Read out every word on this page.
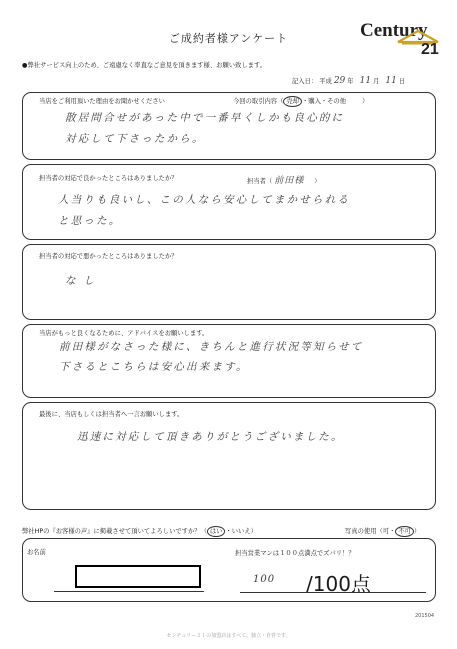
ご成約者様アンケート	Century
21
●弊社サービス向上のため、ご遠慮なく率直なご意見を頂きます様、お願い致します。
記入日： 平成 29 年 11 月 11 日
当店をご利用頂いた理由をお聞かせください	今回の取引内容（ 売却 ・購入・その他	）
散居問合せがあった中で一番早くしかも良心的に
対応して下さったから。
担当者の対応で良かったところはありましたか？	担当者（ 前田様 ）
人当りも良いし、この人なら安心してまかせられる
と思った。
担当者の対応で悪かったところはありましたか？
なし
当店がもっと良くなるために、アドバイスをお願いします。
前田様がなさった様に、きちんと進行状況等知らせて
下さるとこちらは安心出来ます。
最後に、当店もしくは担当者へ一言お願いします。
迅速に対応して頂きありがとうございました。
弊社HPの『お客様の声』に掲載させて頂いてよろしいですか？（ はい ・いいえ）	写真の使用（可・ 不可 ）
お名前	担当営業マンは１００点満点でズバリ！？
100 /100点
201504
センチュリー２１の加盟店はすべて、独立・自営です。
